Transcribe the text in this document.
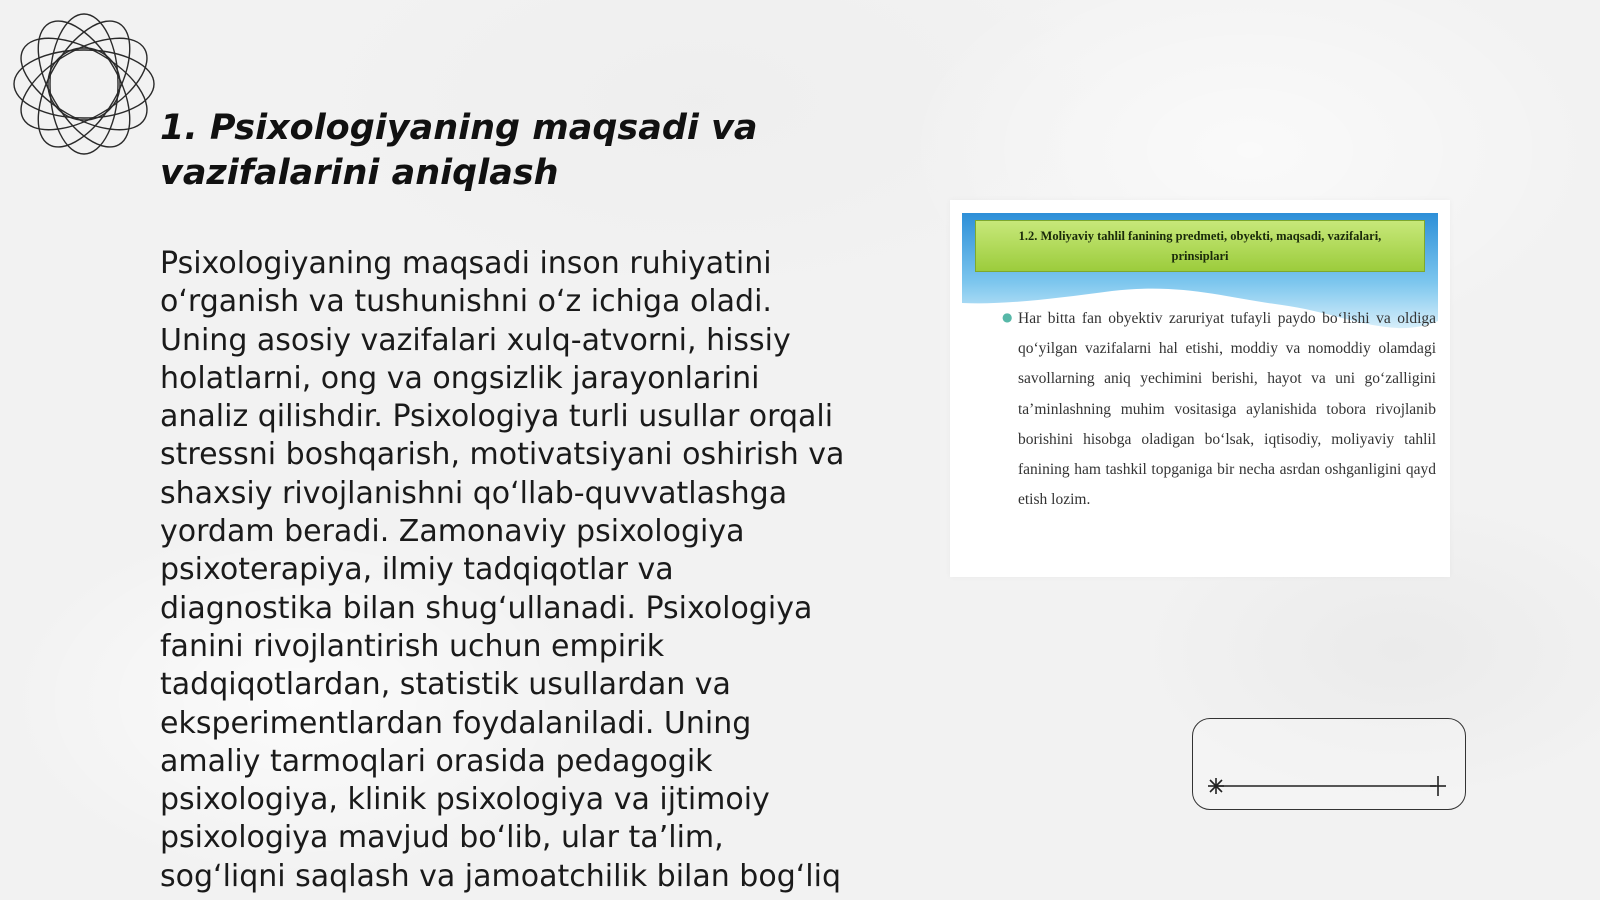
1. Psixologiyaning maqsadi va vazifalarini aniqlash

Psixologiyaning maqsadi inson ruhiyatini o‘rganish va tushunishni o‘z ichiga oladi. Uning asosiy vazifalari xulq-atvorni, hissiy holatlarni, ong va ongsizlik jarayonlarini analiz qilishdir. Psixologiya turli usullar orqali stressni boshqarish, motivatsiyani oshirish va shaxsiy rivojlanishni qo‘llab-quvvatlashga yordam beradi. Zamonaviy psixologiya psixoterapiya, ilmiy tadqiqotlar va diagnostika bilan shug‘ullanadi. Psixologiya fanini rivojlantirish uchun empirik tadqiqotlardan, statistik usullardan va eksperimentlardan foydalaniladi. Uning amaliy tarmoqlari orasida pedagogik psixologiya, klinik psixologiya va ijtimoiy psixologiya mavjud bo‘lib, ular ta’lim, sog‘liqni saqlash va jamoatchilik bilan bog‘liq

1.2. Moliyaviy tahlil fanining predmeti, obyekti, maqsadi, vazifalari, prinsiplari
● Har bitta fan obyektiv zaruriyat tufayli paydo bo‘lishi va oldiga qo‘yilgan vazifalarni hal etishi, moddiy va nomoddiy olamdagi savollarning aniq yechimini berishi, hayot va uni go‘zalligini ta’minlashning muhim vositasiga aylanishida tobora rivojlanib borishini hisobga oladigan bo‘lsak, iqtisodiy, moliyaviy tahlil fanining ham tashkil topganiga bir necha asrdan oshganligini qayd etish lozim.
